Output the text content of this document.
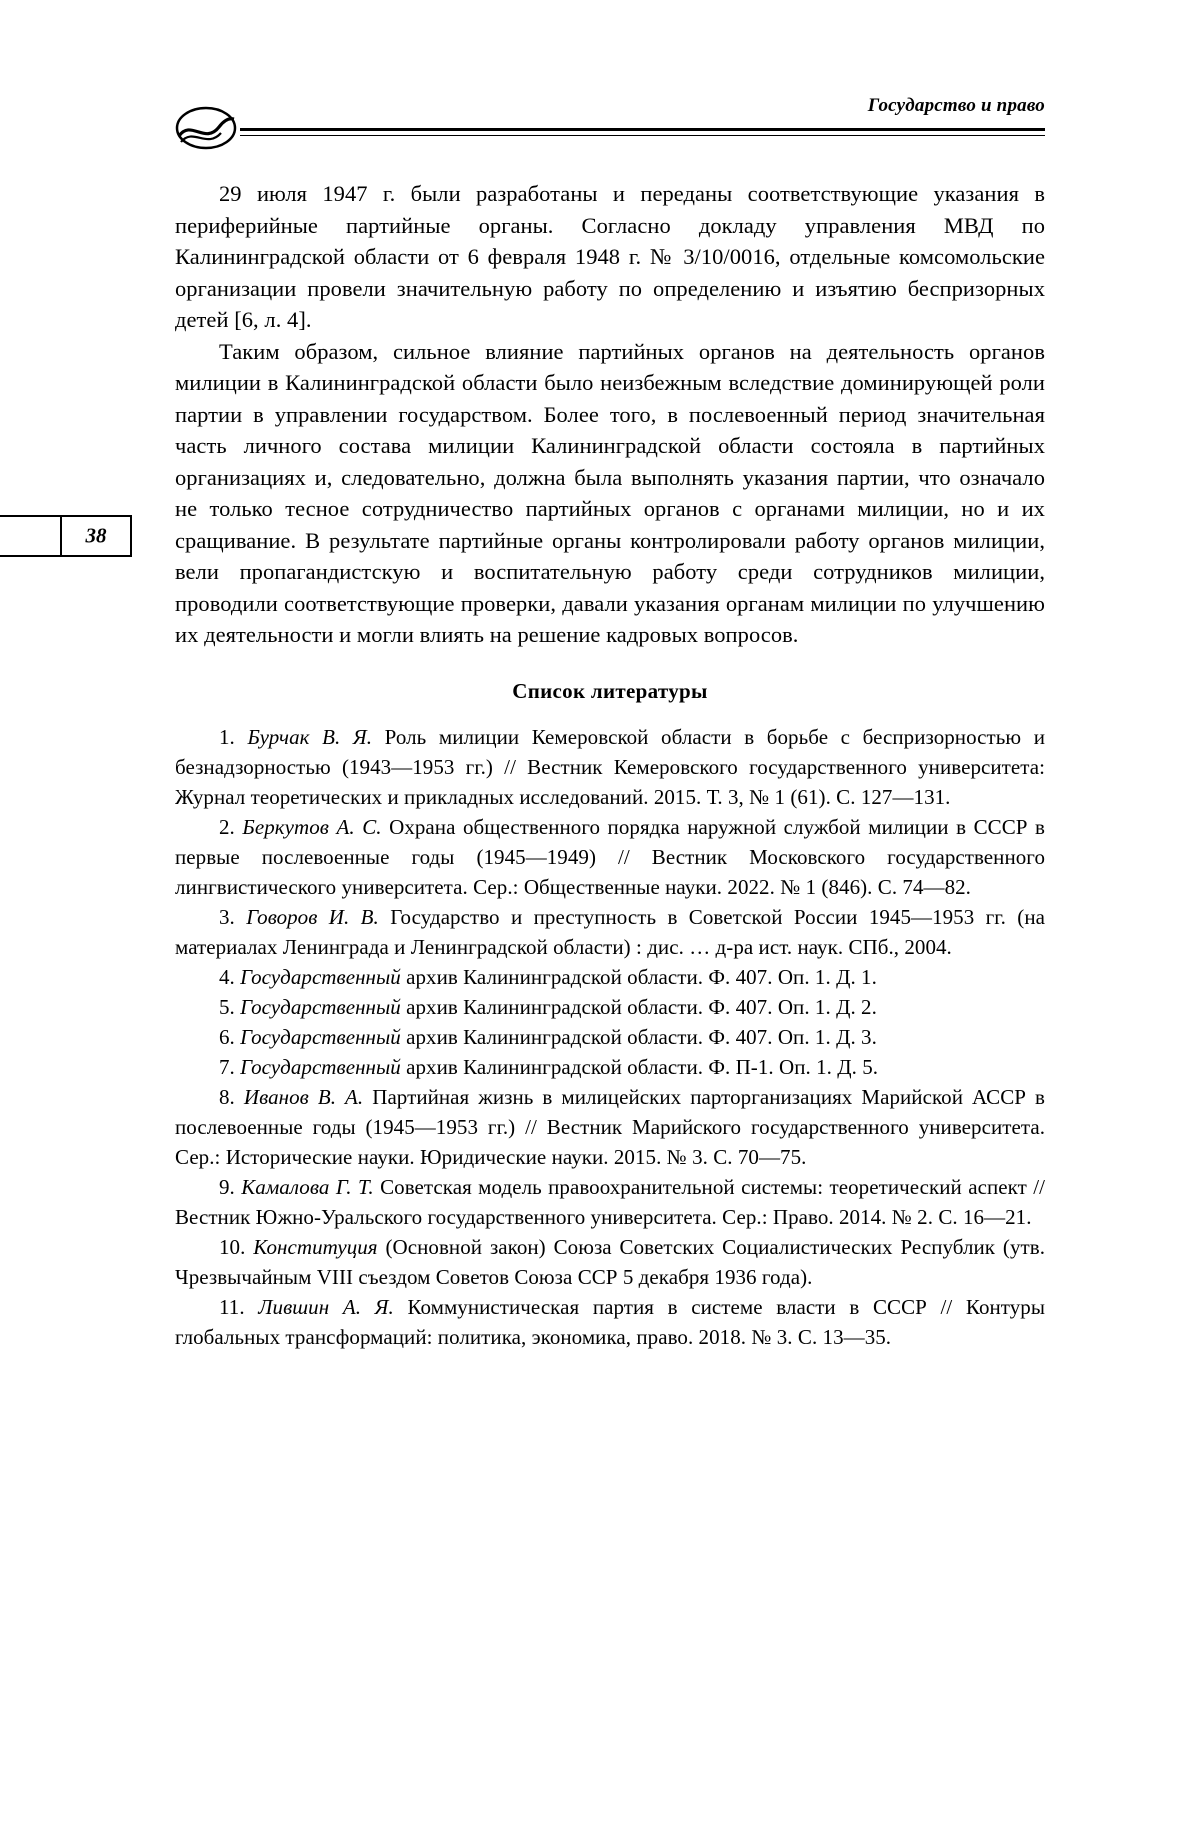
Государство и право
38

29 июля 1947 г. были разработаны и переданы соответствующие указания в периферийные партийные органы. Согласно докладу управления МВД по Калининградской области от 6 февраля 1948 г. № 3/10/0016, отдельные комсомольские организации провели значительную работу по определению и изъятию беспризорных детей [6, л. 4].

Таким образом, сильное влияние партийных органов на деятельность органов милиции в Калининградской области было неизбежным вследствие доминирующей роли партии в управлении государством. Более того, в послевоенный период значительная часть личного состава милиции Калининградской области состояла в партийных организациях и, следовательно, должна была выполнять указания партии, что означало не только тесное сотрудничество партийных органов с органами милиции, но и их сращивание. В результате партийные органы контролировали работу органов милиции, вели пропагандистскую и воспитательную работу среди сотрудников милиции, проводили соответствующие проверки, давали указания органам милиции по улучшению их деятельности и могли влиять на решение кадровых вопросов.

Список литературы

1. Бурчак В. Я. Роль милиции Кемеровской области в борьбе с беспризорностью и безнадзорностью (1943—1953 гг.) // Вестник Кемеровского государственного университета: Журнал теоретических и прикладных исследований. 2015. Т. 3, № 1 (61). С. 127—131.

2. Беркутов А. С. Охрана общественного порядка наружной службой милиции в СССР в первые послевоенные годы (1945—1949) // Вестник Московского государственного лингвистического университета. Сер.: Общественные науки. 2022. № 1 (846). С. 74—82.

3. Говоров И. В. Государство и преступность в Советской России 1945—1953 гг. (на материалах Ленинграда и Ленинградской области) : дис. … д-ра ист. наук. СПб., 2004.

4. Государственный архив Калининградской области. Ф. 407. Оп. 1. Д. 1.

5. Государственный архив Калининградской области. Ф. 407. Оп. 1. Д. 2.

6. Государственный архив Калининградской области. Ф. 407. Оп. 1. Д. 3.

7. Государственный архив Калининградской области. Ф. П-1. Оп. 1. Д. 5.

8. Иванов В. А. Партийная жизнь в милицейских парторганизациях Марийской АССР в послевоенные годы (1945—1953 гг.) // Вестник Марийского государственного университета. Сер.: Исторические науки. Юридические науки. 2015. № 3. С. 70—75.

9. Камалова Г. Т. Советская модель правоохранительной системы: теоретический аспект // Вестник Южно-Уральского государственного университета. Сер.: Право. 2014. № 2. С. 16—21.

10. Конституция (Основной закон) Союза Советских Социалистических Республик (утв. Чрезвычайным VIII съездом Советов Союза ССР 5 декабря 1936 года).

11. Лившин А. Я. Коммунистическая партия в системе власти в СССР // Контуры глобальных трансформаций: политика, экономика, право. 2018. № 3. С. 13—35.
